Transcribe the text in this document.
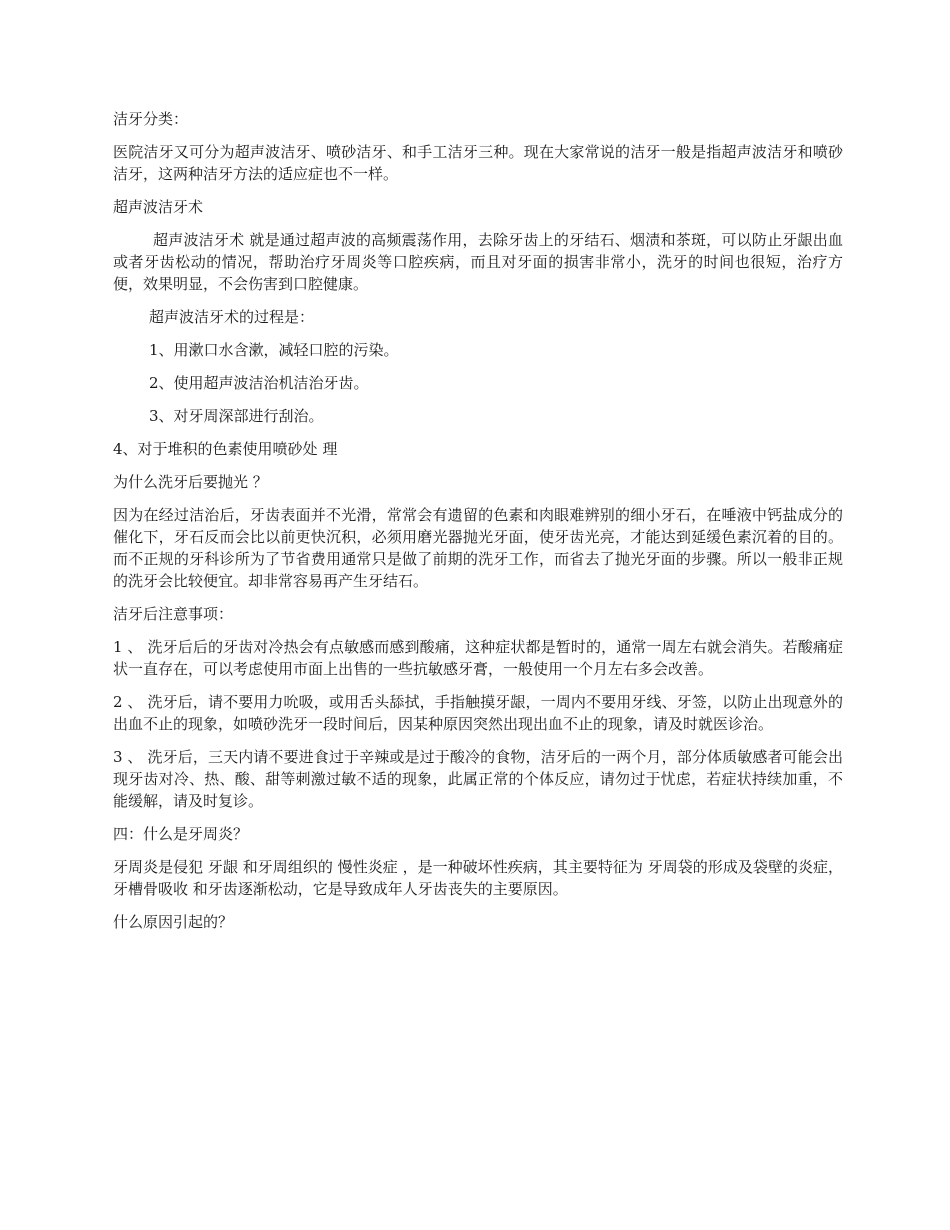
洁牙分类：

医院洁牙又可分为超声波洁牙、喷砂洁牙、和手工洁牙三种。现在大家常说的洁牙一般是指超声波洁牙和喷砂洁牙，这两种洁牙方法的适应症也不一样。

超声波洁牙术

超声波洁牙术 就是通过超声波的高频震荡作用，去除牙齿上的牙结石、烟渍和茶斑，可以防止牙龈出血或者牙齿松动的情况，帮助治疗牙周炎等口腔疾病，而且对牙面的损害非常小，洗牙的时间也很短，治疗方便，效果明显，不会伤害到口腔健康。

超声波洁牙术的过程是：

1、用漱口水含漱，减轻口腔的污染。

2、使用超声波洁治机洁治牙齿。

3、对牙周深部进行刮治。

4、对于堆积的色素使用喷砂处 理

为什么洗牙后要抛光 ？

因为在经过洁治后，牙齿表面并不光滑，常常会有遗留的色素和肉眼难辨别的细小牙石，在唾液中钙盐成分的催化下，牙石反而会比以前更快沉积，必须用磨光器抛光牙面，使牙齿光亮，才能达到延缓色素沉着的目的。而不正规的牙科诊所为了节省费用通常只是做了前期的洗牙工作，而省去了抛光牙面的步骤。所以一般非正规的洗牙会比较便宜。却非常容易再产生牙结石。

洁牙后注意事项：

1 、 洗牙后后的牙齿对冷热会有点敏感而感到酸痛，这种症状都是暂时的，通常一周左右就会消失。若酸痛症状一直存在，可以考虑使用市面上出售的一些抗敏感牙膏，一般使用一个月左右多会改善。

2 、 洗牙后，请不要用力吮吸，或用舌头舔拭，手指触摸牙龈，一周内不要用牙线、牙签，以防止出现意外的出血不止的现象，如喷砂洗牙一段时间后，因某种原因突然出现出血不止的现象，请及时就医诊治。

3 、 洗牙后，三天内请不要进食过于辛辣或是过于酸冷的食物，洁牙后的一两个月，部分体质敏感者可能会出现牙齿对冷、热、酸、甜等刺激过敏不适的现象，此属正常的个体反应，请勿过于忧虑，若症状持续加重，不能缓解，请及时复诊。

四：什么是牙周炎？

牙周炎是侵犯 牙龈 和牙周组织的 慢性炎症 ，是一种破坏性疾病，其主要特征为 牙周袋的形成及袋壁的炎症， 牙槽骨吸收 和牙齿逐渐松动，它是导致成年人牙齿丧失的主要原因。

什么原因引起的？
